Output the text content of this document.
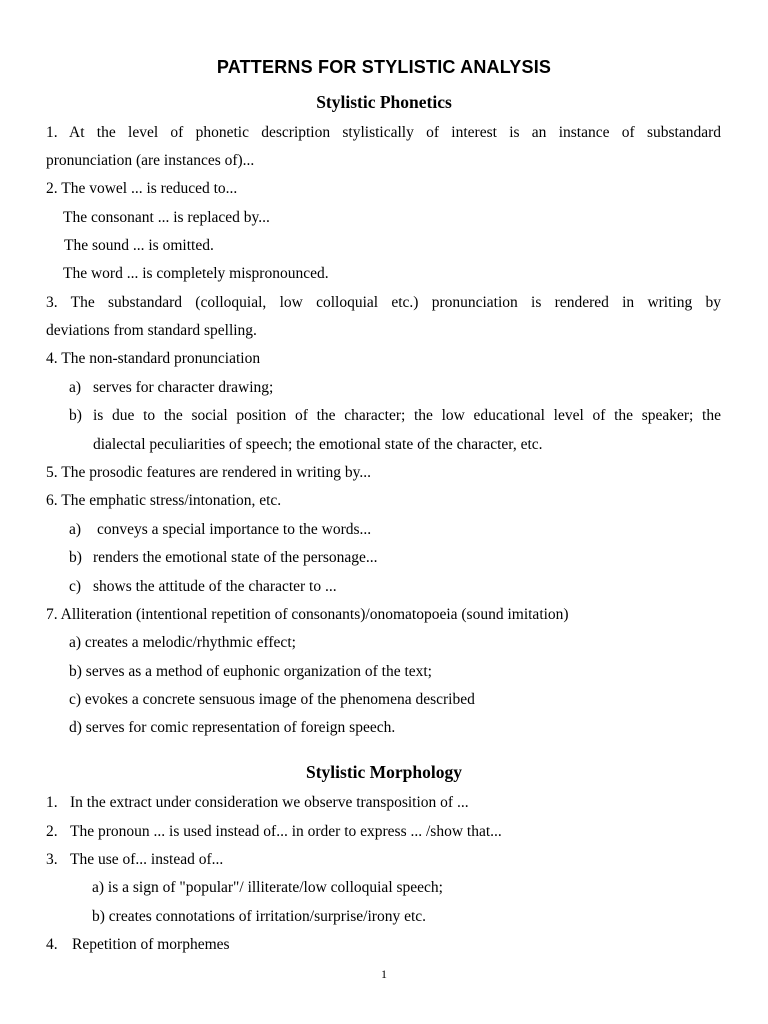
PATTERNS FOR STYLISTIC ANALYSIS
Stylistic Phonetics
1. At the level of phonetic description stylistically of interest is an instance of substandard
pronunciation (are instances of)...
2. The vowel ... is reduced to...
The consonant ... is replaced by...
The sound ... is omitted.
The word ... is completely mispronounced.
3. The substandard (colloquial, low colloquial etc.) pronunciation is rendered in writing by
deviations from standard spelling.
4. The non-standard pronunciation
a) serves for character drawing;
b) is due to the social position of the character; the low educational level of the speaker; the
dialectal peculiarities of speech; the emotional state of the character, etc.
5. The prosodic features are rendered in writing by...
6. The emphatic stress/intonation, etc.
a) conveys a special importance to the words...
b) renders the emotional state of the personage...
c) shows the attitude of the character to ...
7. Alliteration (intentional repetition of consonants)/onomatopoeia (sound imitation)
a) creates a melodic/rhythmic effect;
b) serves as a method of euphonic organization of the text;
c) evokes a concrete sensuous image of the phenomena described
d) serves for comic representation of foreign speech.
Stylistic Morphology
1. In the extract under consideration we observe transposition of ...
2. The pronoun ... is used instead of... in order to express ... /show that...
3. The use of... instead of...
a) is a sign of "popular"/ illiterate/low colloquial speech;
b) creates connotations of irritation/surprise/irony etc.
4. Repetition of morphemes
1
